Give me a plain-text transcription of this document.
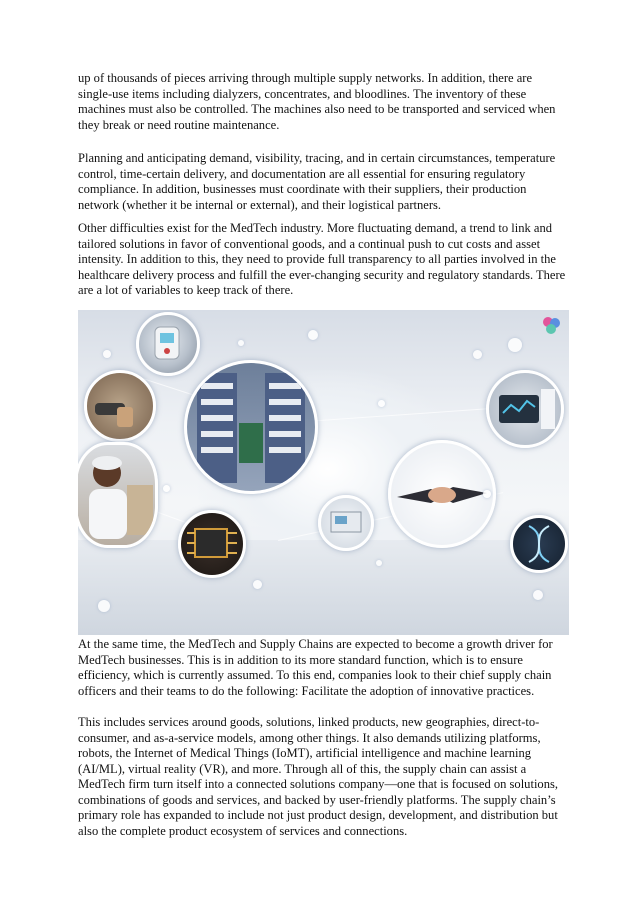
up of thousands of pieces arriving through multiple supply networks. In addition, there are single-use items including dialyzers, concentrates, and bloodlines. The inventory of these machines must also be controlled. The machines also need to be transported and serviced when they break or need routine maintenance.

Planning and anticipating demand, visibility, tracing, and in certain circumstances, temperature control, time-certain delivery, and documentation are all essential for ensuring regulatory compliance. In addition, businesses must coordinate with their suppliers, their production network (whether it be internal or external), and their logistical partners.

Other difficulties exist for the MedTech industry. More fluctuating demand, a trend to link and tailored solutions in favor of conventional goods, and a continual push to cut costs and asset intensity. In addition to this, they need to provide full transparency to all parties involved in the healthcare delivery process and fulfill the ever-changing security and regulatory standards. There are a lot of variables to keep track of there.

At the same time, the MedTech and Supply Chains are expected to become a growth driver for MedTech businesses. This is in addition to its more standard function, which is to ensure efficiency, which is currently assumed. To this end, companies look to their chief supply chain officers and their teams to do the following: Facilitate the adoption of innovative practices.

This includes services around goods, solutions, linked products, new geographies, direct-to-consumer, and as-a-service models, among other things. It also demands utilizing platforms, robots, the Internet of Medical Things (IoMT), artificial intelligence and machine learning (AI/ML), virtual reality (VR), and more. Through all of this, the supply chain can assist a MedTech firm turn itself into a connected solutions company—one that is focused on solutions, combinations of goods and services, and backed by user-friendly platforms. The supply chain’s primary role has expanded to include not just product design, development, and distribution but also the complete product ecosystem of services and connections.
